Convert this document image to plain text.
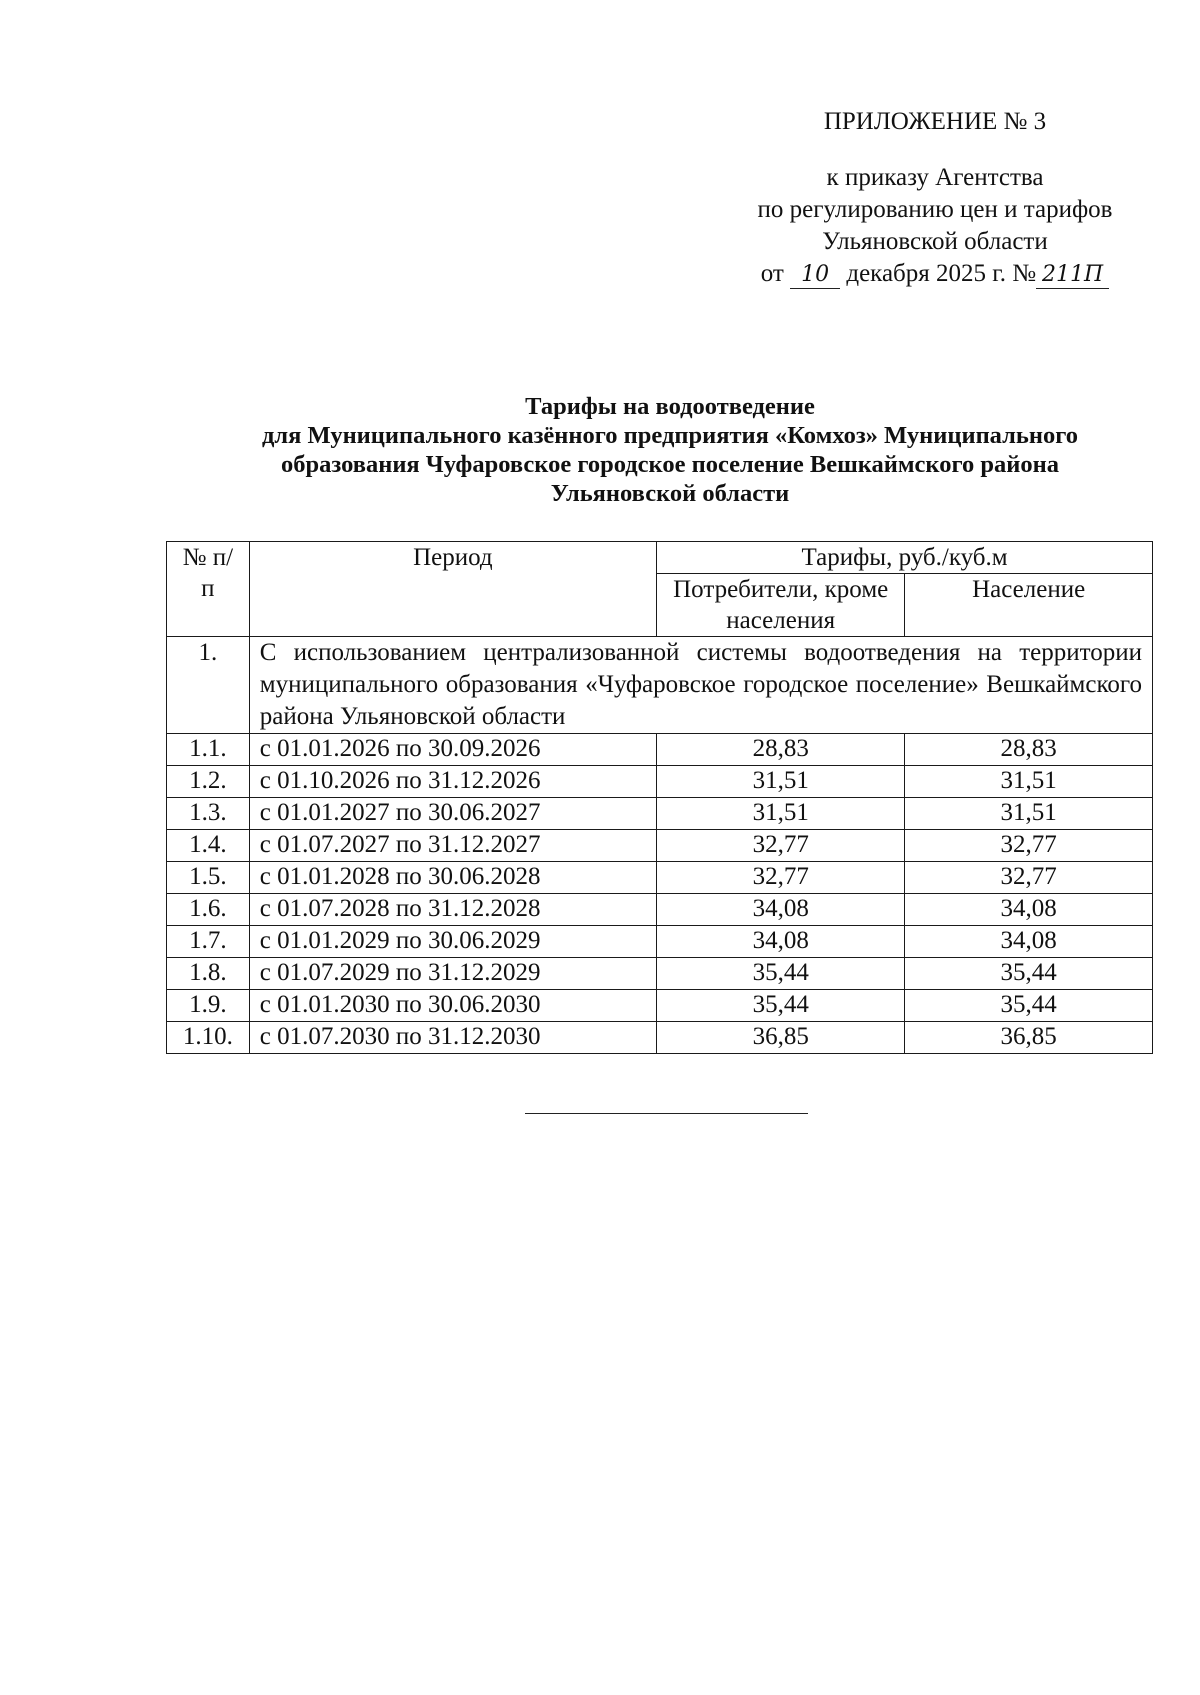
ПРИЛОЖЕНИЕ № 3
к приказу Агентства
по регулированию цен и тарифов
Ульяновской области
от 10 декабря 2025 г. № 211П
Тарифы на водоотведение
для Муниципального казённого предприятия «Комхоз» Муниципального
образования Чуфаровское городское поселение Вешкаймского района
Ульяновской области
№ п/п	Период	Тарифы, руб./куб.м	
		Потребители, кроме населения	Население
1.	С использованием централизованной системы водоотведения на территории муниципального образования «Чуфаровское городское поселение» Вешкаймского района Ульяновской области		
1.1.	с 01.01.2026 по 30.09.2026	28,83	28,83
1.2.	с 01.10.2026 по 31.12.2026	31,51	31,51
1.3.	с 01.01.2027 по 30.06.2027	31,51	31,51
1.4.	с 01.07.2027 по 31.12.2027	32,77	32,77
1.5.	с 01.01.2028 по 30.06.2028	32,77	32,77
1.6.	с 01.07.2028 по 31.12.2028	34,08	34,08
1.7.	с 01.01.2029 по 30.06.2029	34,08	34,08
1.8.	с 01.07.2029 по 31.12.2029	35,44	35,44
1.9.	с 01.01.2030 по 30.06.2030	35,44	35,44
1.10.	с 01.07.2030 по 31.12.2030	36,85	36,85
